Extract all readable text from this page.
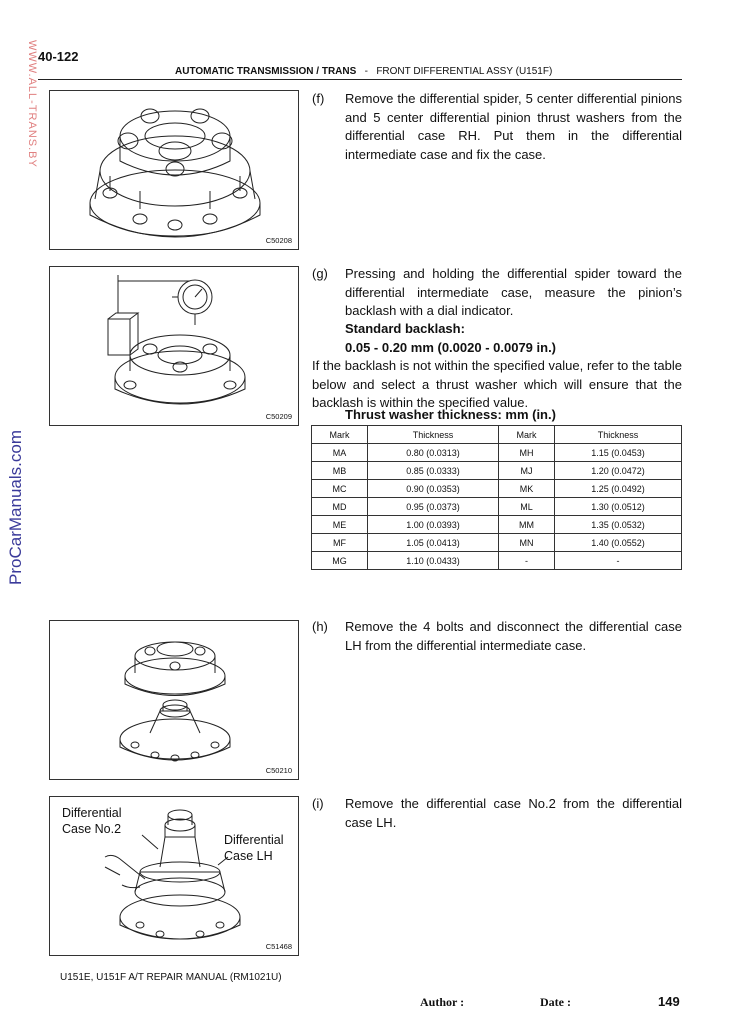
40-122
AUTOMATIC TRANSMISSION / TRANS - FRONT DIFFERENTIAL ASSY (U151F)
WWW.ALL-TRANS.BY
ProCarManuals.com
C50208
(f) Remove the differential spider, 5 center differential pinions and 5 center differential pinion thrust washers from the differential case RH. Put them in the differential intermediate case and fix the case.
C50209
(g) Pressing and holding the differential spider toward the differential intermediate case, measure the pinion’s backlash with a dial indicator.
Standard backlash:
0.05 - 0.20 mm (0.0020 - 0.0079 in.)
If the backlash is not within the specified value, refer to the table below and select a thrust washer which will ensure that the backlash is within the specified value.
Thrust washer thickness: mm (in.)
Mark	Thickness	Mark	Thickness
MA	0.80 (0.0313)	MH	1.15 (0.0453)
MB	0.85 (0.0333)	MJ	1.20 (0.0472)
MC	0.90 (0.0353)	MK	1.25 (0.0492)
MD	0.95 (0.0373)	ML	1.30 (0.0512)
ME	1.00 (0.0393)	MM	1.35 (0.0532)
MF	1.05 (0.0413)	MN	1.40 (0.0552)
MG	1.10 (0.0433)	-	-
C50210
(h) Remove the 4 bolts and disconnect the differential case LH from the differential intermediate case.
Differential
Case No.2
Differential
Case LH
C51468
(i) Remove the differential case No.2 from the differential case LH.
U151E, U151F A/T REPAIR MANUAL (RM1021U)
Author :	Date :	149
